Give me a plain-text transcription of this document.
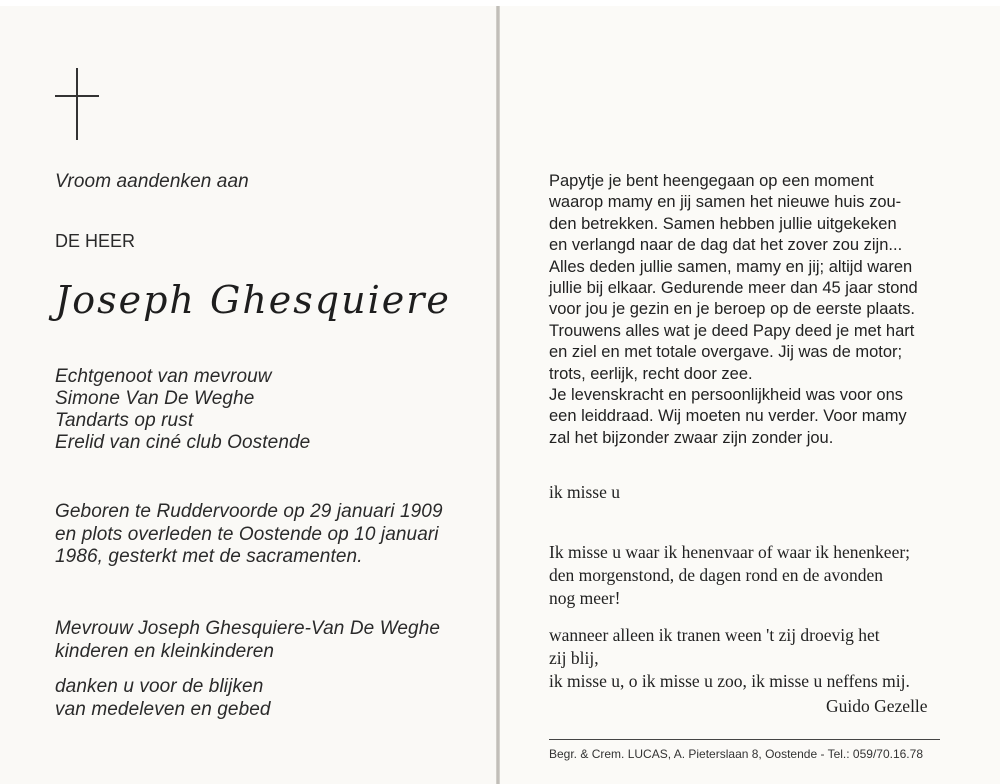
Vroom aandenken aan

DE HEER

Joseph Ghesquiere
Echtgenoot van mevrouw
Simone Van De Weghe
Tandarts op rust
Erelid van ciné club Oostende
Geboren te Ruddervoorde op 29 januari 1909
en plots overleden te Oostende op 10 januari
1986, gesterkt met de sacramenten.
Mevrouw Joseph Ghesquiere-Van De Weghe
kinderen en kleinkinderen
danken u voor de blijken
van medeleven en gebed
Papytje je bent heengegaan op een moment
waarop mamy en jij samen het nieuwe huis zou-
den betrekken. Samen hebben jullie uitgekeken
en verlangd naar de dag dat het zover zou zijn...
Alles deden jullie samen, mamy en jij; altijd waren
jullie bij elkaar. Gedurende meer dan 45 jaar stond
voor jou je gezin en je beroep op de eerste plaats.
Trouwens alles wat je deed Papy deed je met hart
en ziel en met totale overgave. Jij was de motor;
trots, eerlijk, recht door zee.
Je levenskracht en persoonlijkheid was voor ons
een leiddraad. Wij moeten nu verder. Voor mamy
zal het bijzonder zwaar zijn zonder jou.

ik misse u

Ik misse u waar ik henenvaar of waar ik henenkeer;
den morgenstond, de dagen rond en de avonden
nog meer!
wanneer alleen ik tranen ween 't zij droevig het
zij blij,
ik misse u, o ik misse u zoo, ik misse u neffens mij.

Guido Gezelle

Begr. & Crem. LUCAS, A. Pieterslaan 8, Oostende - Tel.: 059/70.16.78
